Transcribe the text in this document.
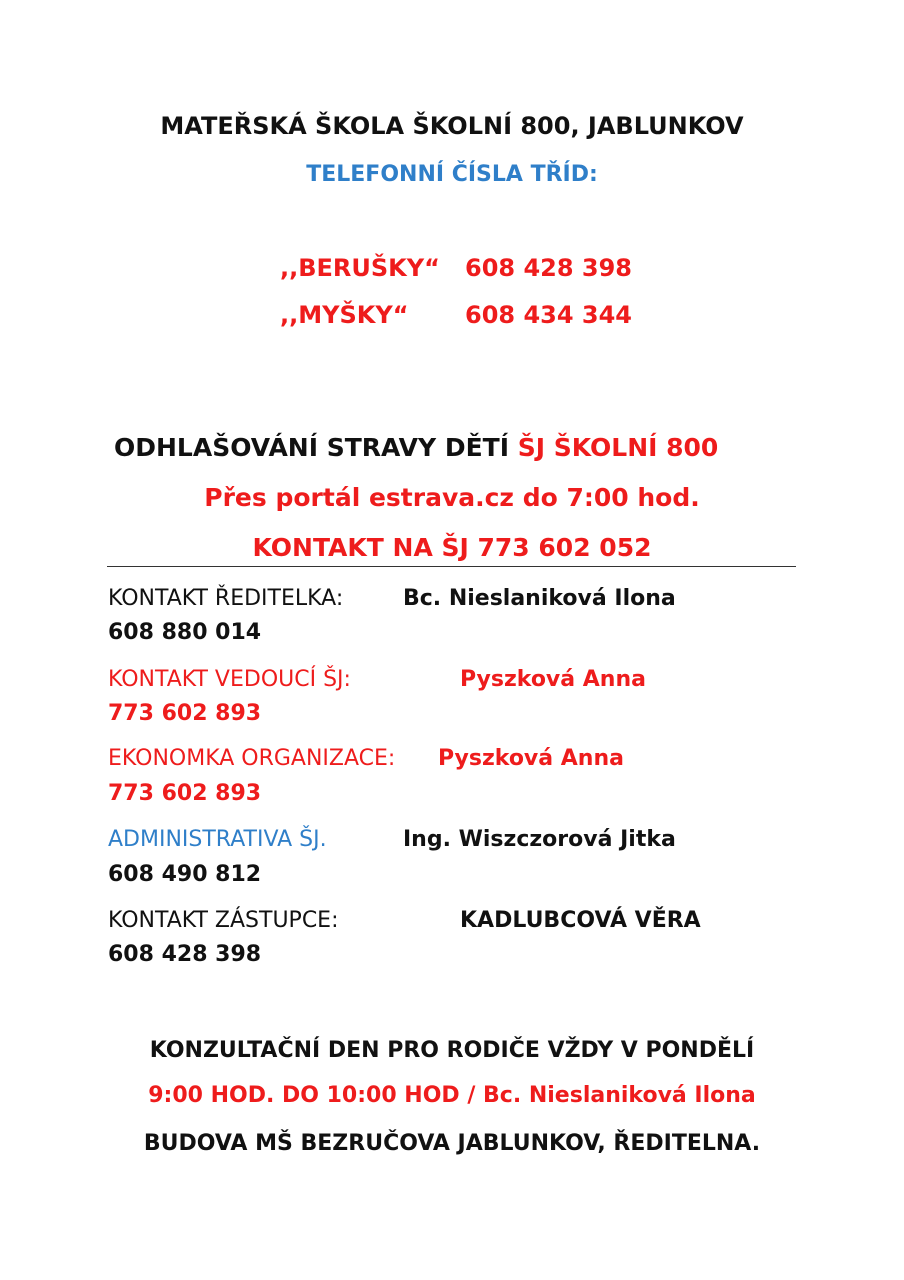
MATEŘSKÁ ŠKOLA ŠKOLNÍ 800, JABLUNKOV
TELEFONNÍ ČÍSLA TŘÍD:
,,BERUŠKY“ 608 428 398
,,MYŠKY“ 608 434 344
ODHLAŠOVÁNÍ STRAVY DĚTÍ ŠJ ŠKOLNÍ 800
Přes portál estrava.cz do 7:00 hod.
KONTAKT NA ŠJ 773 602 052
KONTAKT ŘEDITELKA:	Bc. Nieslaniková Ilona
608 880 014
KONTAKT VEDOUCÍ ŠJ:	Pyszková Anna
773 602 893
EKONOMKA ORGANIZACE: Pyszková Anna
773 602 893
ADMINISTRATIVA ŠJ.	Ing. Wiszczorová Jitka
608 490 812
KONTAKT ZÁSTUPCE:	KADLUBCOVÁ VĚRA
608 428 398
KONZULTAČNÍ DEN PRO RODIČE VŽDY V PONDĚLÍ
9:00 HOD. DO 10:00 HOD / Bc. Nieslaniková Ilona
BUDOVA MŠ BEZRUČOVA JABLUNKOV, ŘEDITELNA.
